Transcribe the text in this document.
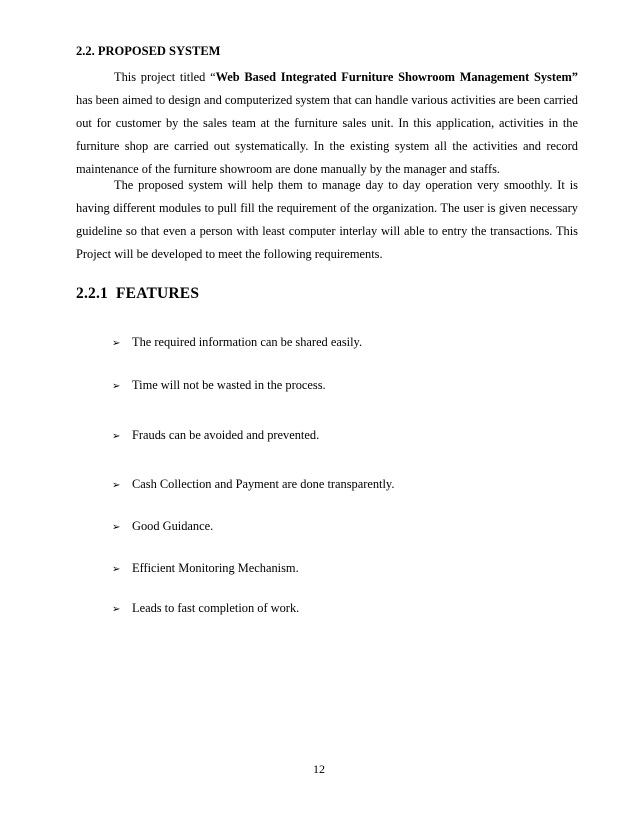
2.2. PROPOSED SYSTEM

This project titled “Web Based Integrated Furniture Showroom Management System” has been aimed to design and computerized system that can handle various activities are been carried out for customer by the sales team at the furniture sales unit. In this application, activities in the furniture shop are carried out systematically. In the existing system all the activities and record maintenance of the furniture showroom are done manually by the manager and staffs.

The proposed system will help them to manage day to day operation very smoothly. It is having different modules to pull fill the requirement of the organization. The user is given necessary guideline so that even a person with least computer interlay will able to entry the transactions. This Project will be developed to meet the following requirements.

2.2.1 FEATURES
➢ The required information can be shared easily.
➢ Time will not be wasted in the process.
➢ Frauds can be avoided and prevented.
➢ Cash Collection and Payment are done transparently.
➢ Good Guidance.
➢ Efficient Monitoring Mechanism.
➢ Leads to fast completion of work.
12
